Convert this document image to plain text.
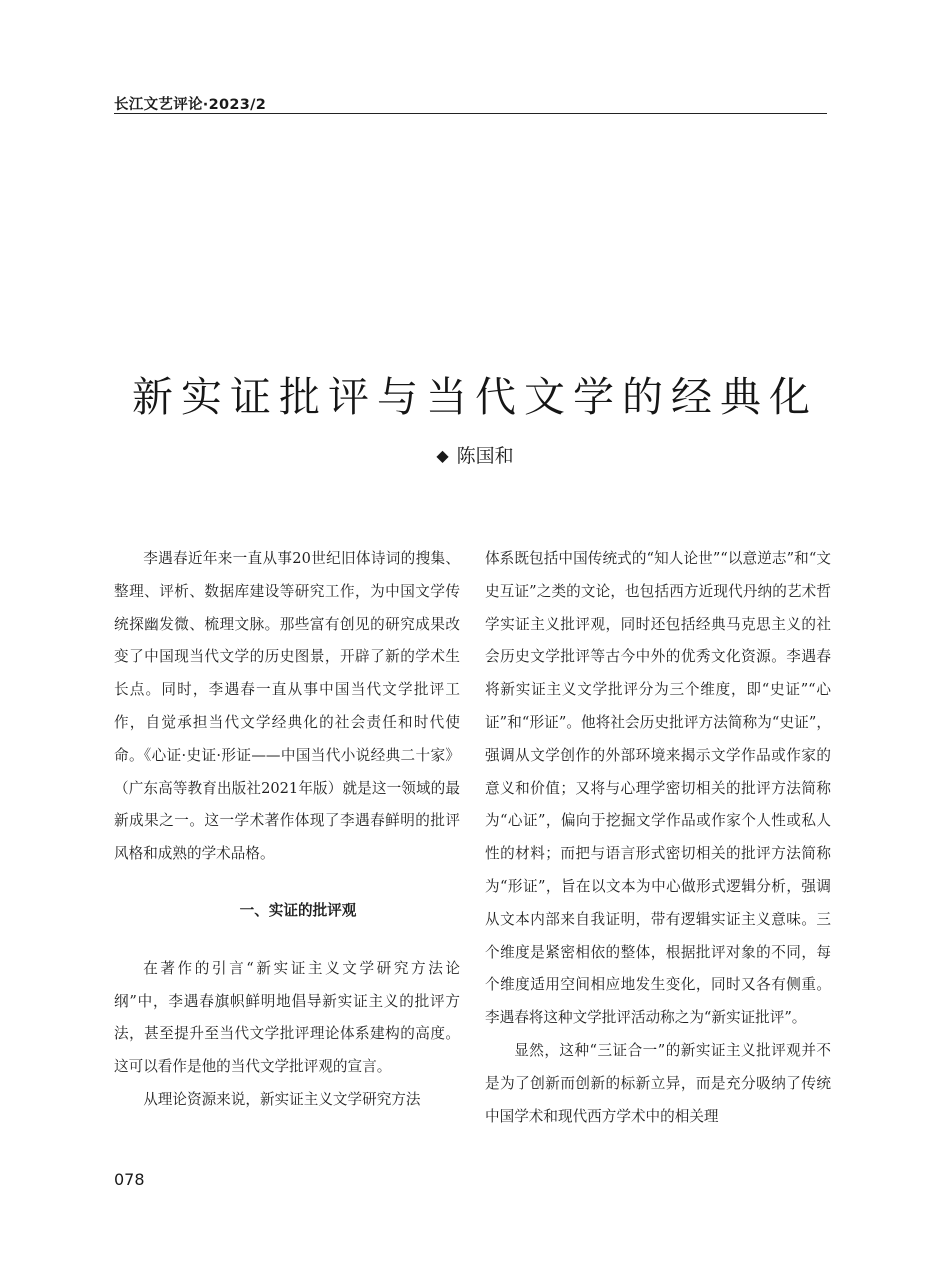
长江文艺评论·2023/2
新实证批评与当代文学的经典化
◆ 陈国和

李遇春近年来一直从事20世纪旧体诗词的搜集、整理、评析、数据库建设等研究工作，为中国文学传统探幽发微、梳理文脉。那些富有创见的研究成果改变了中国现当代文学的历史图景，开辟了新的学术生长点。同时，李遇春一直从事中国当代文学批评工作，自觉承担当代文学经典化的社会责任和时代使命。《心证·史证·形证——中国当代小说经典二十家》（广东高等教育出版社2021年版）就是这一领域的最新成果之一。这一学术著作体现了李遇春鲜明的批评风格和成熟的学术品格。

一、实证的批评观

在著作的引言“新实证主义文学研究方法论纲”中，李遇春旗帜鲜明地倡导新实证主义的批评方法，甚至提升至当代文学批评理论体系建构的高度。这可以看作是他的当代文学批评观的宣言。

从理论资源来说，新实证主义文学研究方法

体系既包括中国传统式的“知人论世”“以意逆志”和“文史互证”之类的文论，也包括西方近现代丹纳的艺术哲学实证主义批评观，同时还包括经典马克思主义的社会历史文学批评等古今中外的优秀文化资源。李遇春将新实证主义文学批评分为三个维度，即“史证”“心证”和“形证”。他将社会历史批评方法简称为“史证”，强调从文学创作的外部环境来揭示文学作品或作家的意义和价值；又将与心理学密切相关的批评方法简称为“心证”，偏向于挖掘文学作品或作家个人性或私人性的材料；而把与语言形式密切相关的批评方法简称为“形证”，旨在以文本为中心做形式逻辑分析，强调从文本内部来自我证明，带有逻辑实证主义意味。三个维度是紧密相依的整体，根据批评对象的不同，每个维度适用空间相应地发生变化，同时又各有侧重。李遇春将这种文学批评活动称之为“新实证批评”。

显然，这种“三证合一”的新实证主义批评观并不是为了创新而创新的标新立异，而是充分吸纳了传统中国学术和现代西方学术中的相关理

078
